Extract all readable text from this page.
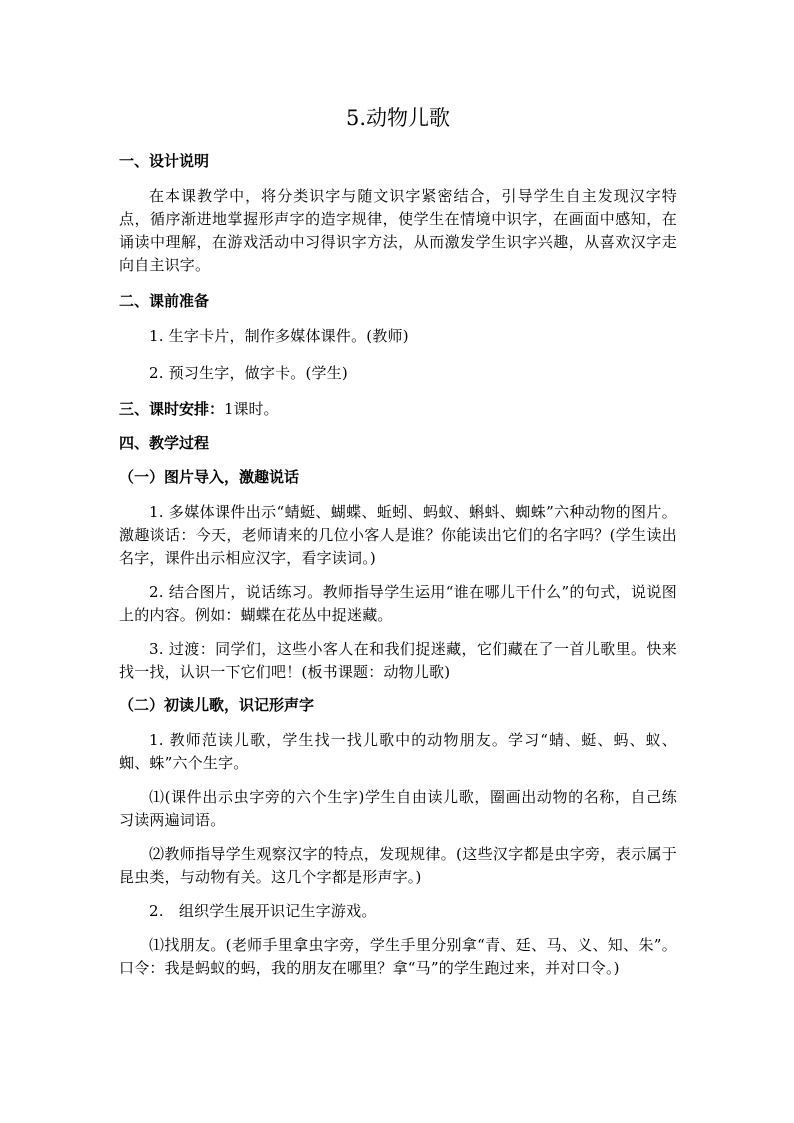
5.动物儿歌
一、设计说明

在本课教学中，将分类识字与随文识字紧密结合，引导学生自主发现汉字特点，循序渐进地掌握形声字的造字规律，使学生在情境中识字，在画面中感知，在诵读中理解，在游戏活动中习得识字方法，从而激发学生识字兴趣，从喜欢汉字走向自主识字。

二、课前准备

1. 生字卡片，制作多媒体课件。(教师)

2. 预习生字，做字卡。(学生)

三、课时安排：1课时。
四、教学过程
（一）图片导入，激趣说话

1. 多媒体课件出示“蜻蜓、蝴蝶、蚯蚓、蚂蚁、蝌蚪、蜘蛛”六种动物的图片。激趣谈话：今天，老师请来的几位小客人是谁？你能读出它们的名字吗？(学生读出名字，课件出示相应汉字，看字读词。)

2. 结合图片，说话练习。教师指导学生运用“谁在哪儿干什么”的句式，说说图上的内容。例如：蝴蝶在花丛中捉迷藏。

3. 过渡：同学们，这些小客人在和我们捉迷藏，它们藏在了一首儿歌里。快来找一找，认识一下它们吧！(板书课题：动物儿歌)

（二）初读儿歌，识记形声字

1. 教师范读儿歌，学生找一找儿歌中的动物朋友。学习“蜻、蜓、蚂、蚁、蜘、蛛”六个生字。

⑴(课件出示虫字旁的六个生字)学生自由读儿歌，圈画出动物的名称，自己练习读两遍词语。

⑵教师指导学生观察汉字的特点，发现规律。(这些汉字都是虫字旁，表示属于昆虫类，与动物有关。这几个字都是形声字。)

2.　组织学生展开识记生字游戏。

⑴找朋友。(老师手里拿虫字旁，学生手里分别拿“青、廷、马、义、知、朱”。口令：我是蚂蚁的蚂，我的朋友在哪里？拿“马”的学生跑过来，并对口令。)
